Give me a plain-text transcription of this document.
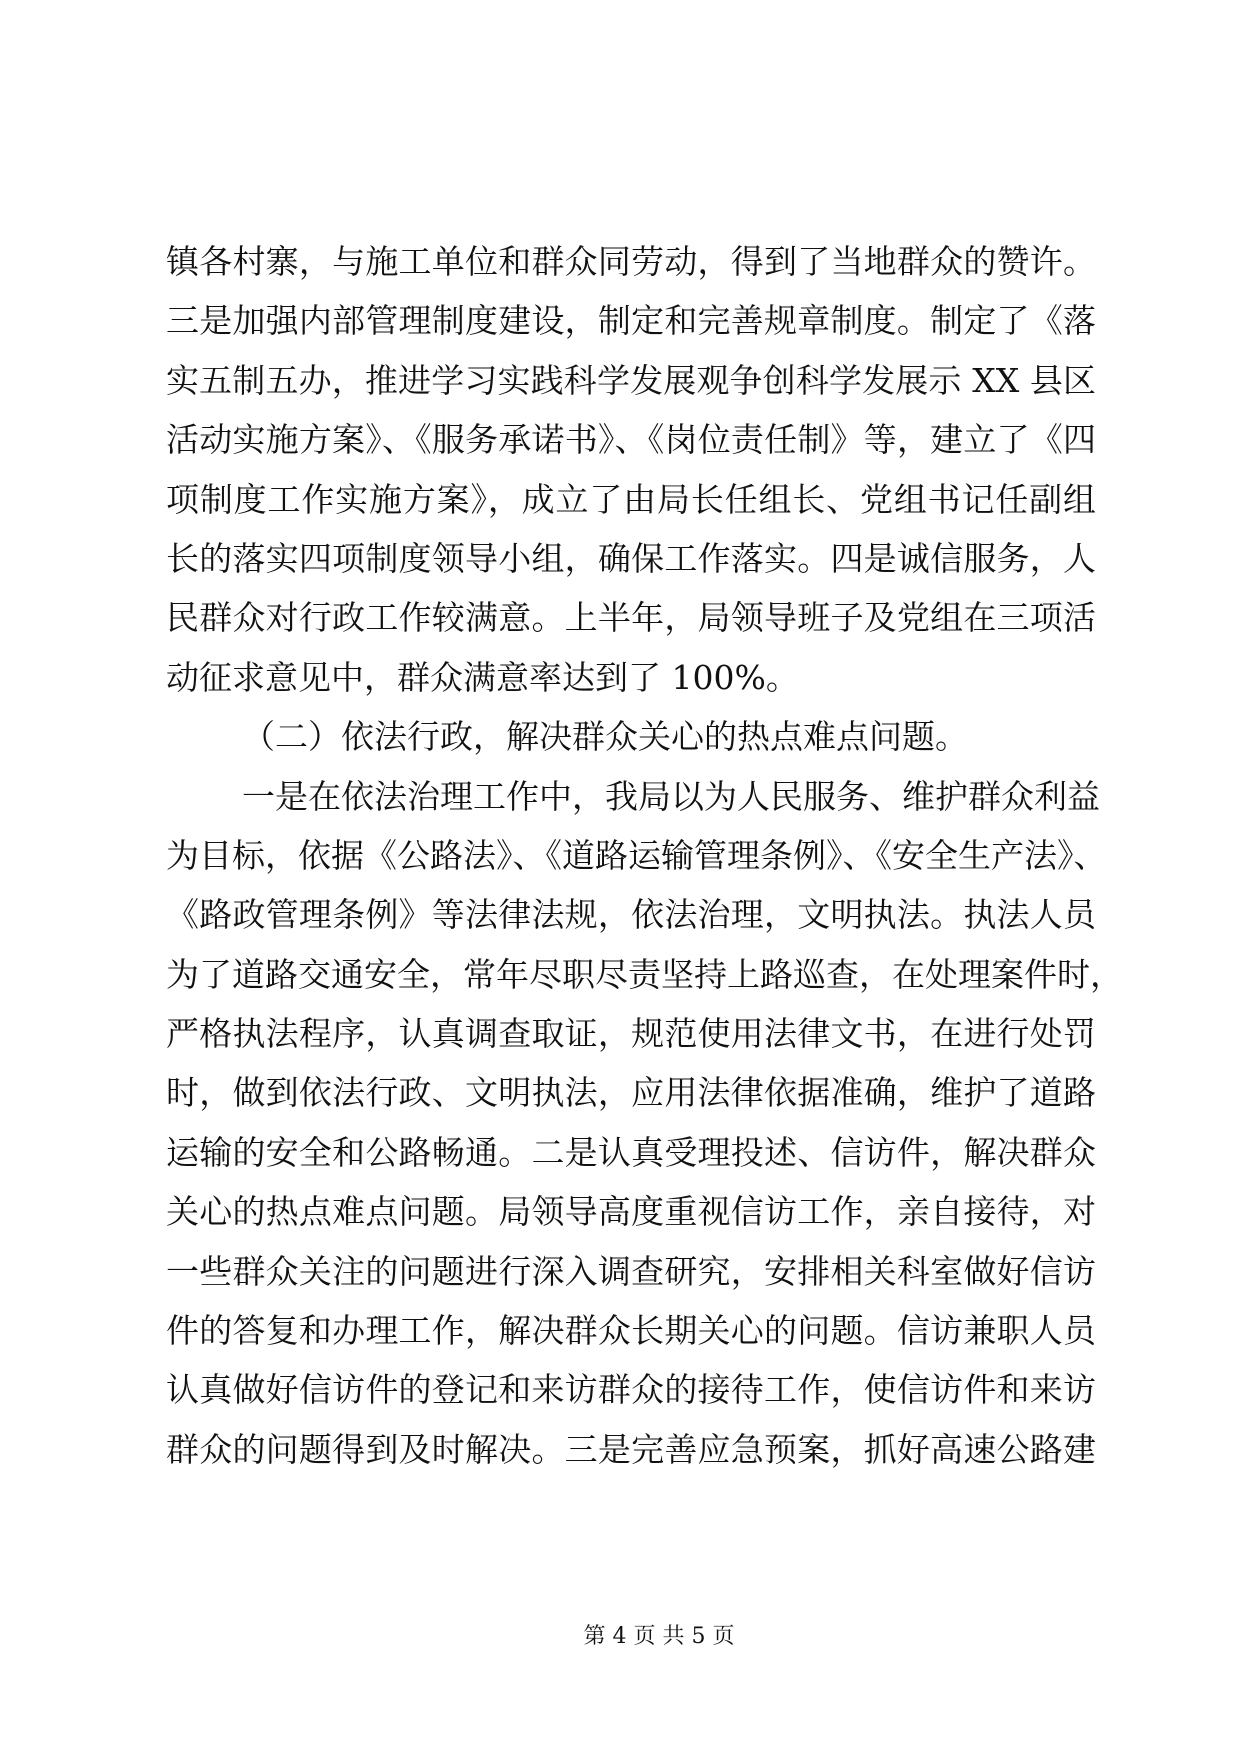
镇各村寨，与施工单位和群众同劳动，得到了当地群众的赞许。
三是加强内部管理制度建设，制定和完善规章制度。制定了《落
实五制五办，推进学习实践科学发展观争创科学发展示 XX 县区
活动实施方案》、《服务承诺书》、《岗位责任制》等，建立了《四
项制度工作实施方案》，成立了由局长任组长、党组书记任副组
长的落实四项制度领导小组，确保工作落实。四是诚信服务，人
民群众对行政工作较满意。上半年，局领导班子及党组在三项活
动征求意见中，群众满意率达到了 100%。
（二）依法行政，解决群众关心的热点难点问题。
一是在依法治理工作中，我局以为人民服务、维护群众利益
为目标，依据《公路法》、《道路运输管理条例》、《安全生产法》、
《路政管理条例》等法律法规，依法治理，文明执法。执法人员
为了道路交通安全，常年尽职尽责坚持上路巡查，在处理案件时，
严格执法程序，认真调查取证，规范使用法律文书，在进行处罚
时，做到依法行政、文明执法，应用法律依据准确，维护了道路
运输的安全和公路畅通。二是认真受理投述、信访件，解决群众
关心的热点难点问题。局领导高度重视信访工作，亲自接待，对
一些群众关注的问题进行深入调查研究，安排相关科室做好信访
件的答复和办理工作，解决群众长期关心的问题。信访兼职人员
认真做好信访件的登记和来访群众的接待工作，使信访件和来访
群众的问题得到及时解决。三是完善应急预案，抓好高速公路建
第 4 页 共 5 页
